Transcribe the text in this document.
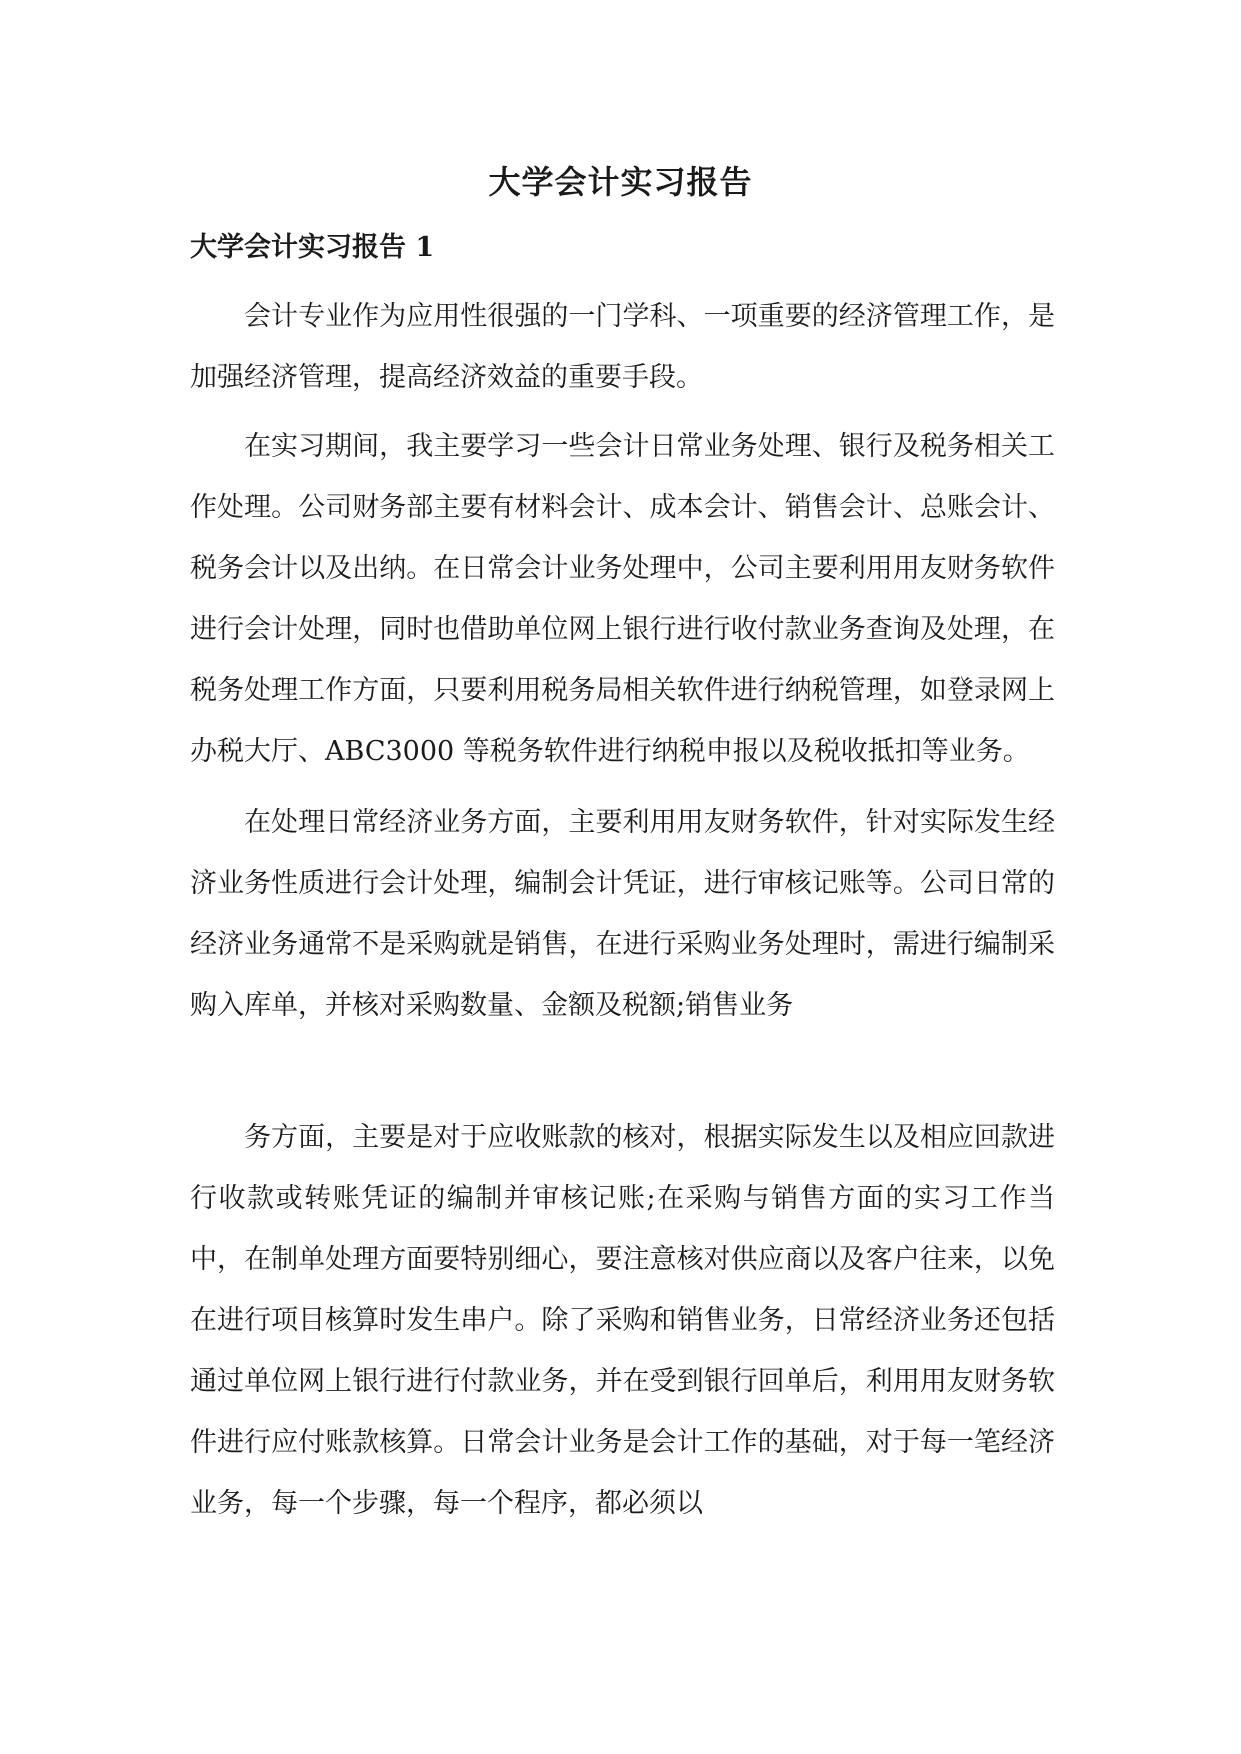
大学会计实习报告
大学会计实习报告 1

会计专业作为应用性很强的一门学科、一项重要的经济管理工作，是加强经济管理，提高经济效益的重要手段。

在实习期间，我主要学习一些会计日常业务处理、银行及税务相关工作处理。公司财务部主要有材料会计、成本会计、销售会计、总账会计、税务会计以及出纳。在日常会计业务处理中，公司主要利用用友财务软件进行会计处理，同时也借助单位网上银行进行收付款业务查询及处理，在税务处理工作方面，只要利用税务局相关软件进行纳税管理，如登录网上办税大厅、ABC3000 等税务软件进行纳税申报以及税收抵扣等业务。

在处理日常经济业务方面，主要利用用友财务软件，针对实际发生经济业务性质进行会计处理，编制会计凭证，进行审核记账等。公司日常的经济业务通常不是采购就是销售，在进行采购业务处理时，需进行编制采购入库单，并核对采购数量、金额及税额;销售业务

务方面，主要是对于应收账款的核对，根据实际发生以及相应回款进行收款或转账凭证的编制并审核记账;在采购与销售方面的实习工作当中，在制单处理方面要特别细心，要注意核对供应商以及客户往来，以免在进行项目核算时发生串户。除了采购和销售业务，日常经济业务还包括通过单位网上银行进行付款业务，并在受到银行回单后，利用用友财务软件进行应付账款核算。日常会计业务是会计工作的基础，对于每一笔经济业务，每一个步骤，每一个程序，都必须以
